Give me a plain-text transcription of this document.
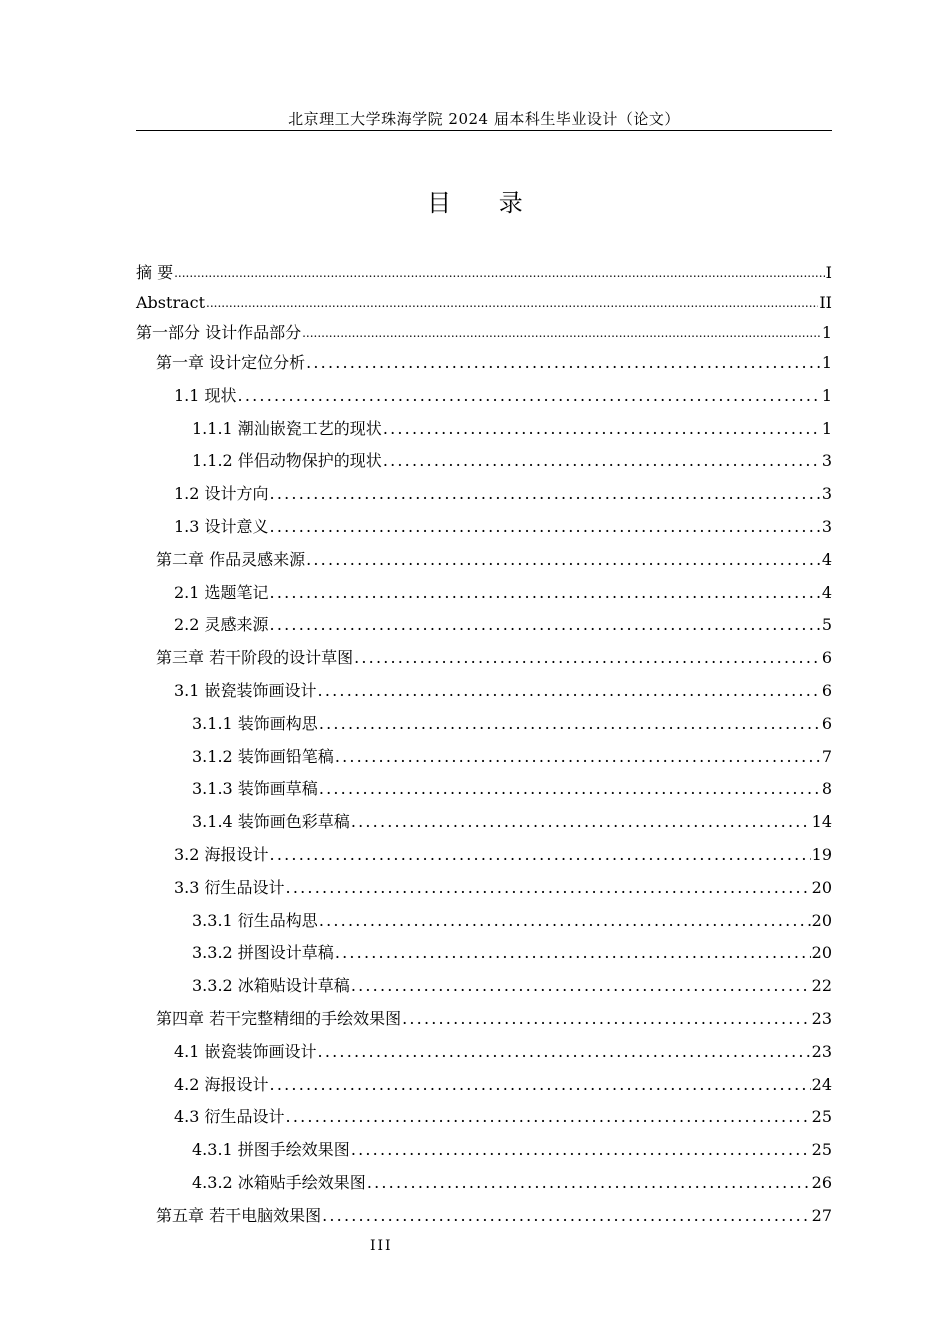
北京理工大学珠海学院 2024 届本科生毕业设计（论文）
目 录
摘 要 .....	I
Abstract .....	II
第一部分 设计作品部分 .....	1
第一章 设计定位分析 .....	1
1.1 现状 .....	1
1.1.1 潮汕嵌瓷工艺的现状 .....	1
1.1.2 伴侣动物保护的现状 .....	3
1.2 设计方向 .....	3
1.3 设计意义 .....	3
第二章 作品灵感来源 .....	4
2.1 选题笔记 .....	4
2.2 灵感来源 .....	5
第三章 若干阶段的设计草图 .....	6
3.1 嵌瓷装饰画设计 .....	6
3.1.1 装饰画构思 .....	6
3.1.2 装饰画铅笔稿 .....	7
3.1.3 装饰画草稿 .....	8
3.1.4 装饰画色彩草稿 .....	14
3.2 海报设计 .....	19
3.3 衍生品设计 .....	20
3.3.1 衍生品构思 .....	20
3.3.2 拼图设计草稿 .....	20
3.3.2 冰箱贴设计草稿 .....	22
第四章 若干完整精细的手绘效果图 .....	23
4.1 嵌瓷装饰画设计 .....	23
4.2 海报设计 .....	24
4.3 衍生品设计 .....	25
4.3.1 拼图手绘效果图 .....	25
4.3.2 冰箱贴手绘效果图 .....	26
第五章 若干电脑效果图 .....	27
III
